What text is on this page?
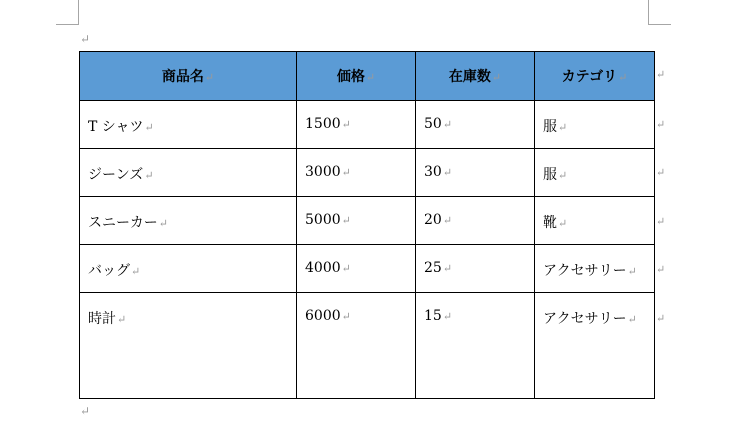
↵
商品名↵	価格↵	在庫数↵	カテゴリ↵
T シャツ↵	1500↵	50↵	服↵
ジーンズ↵	3000↵	30↵	服↵
スニーカー↵	5000↵	20↵	靴↵
バッグ↵	4000↵	25↵	アクセサリー↵
時計↵	6000↵	15↵	アクセサリー↵
↵
↵
↵
↵
↵
↵
↵
